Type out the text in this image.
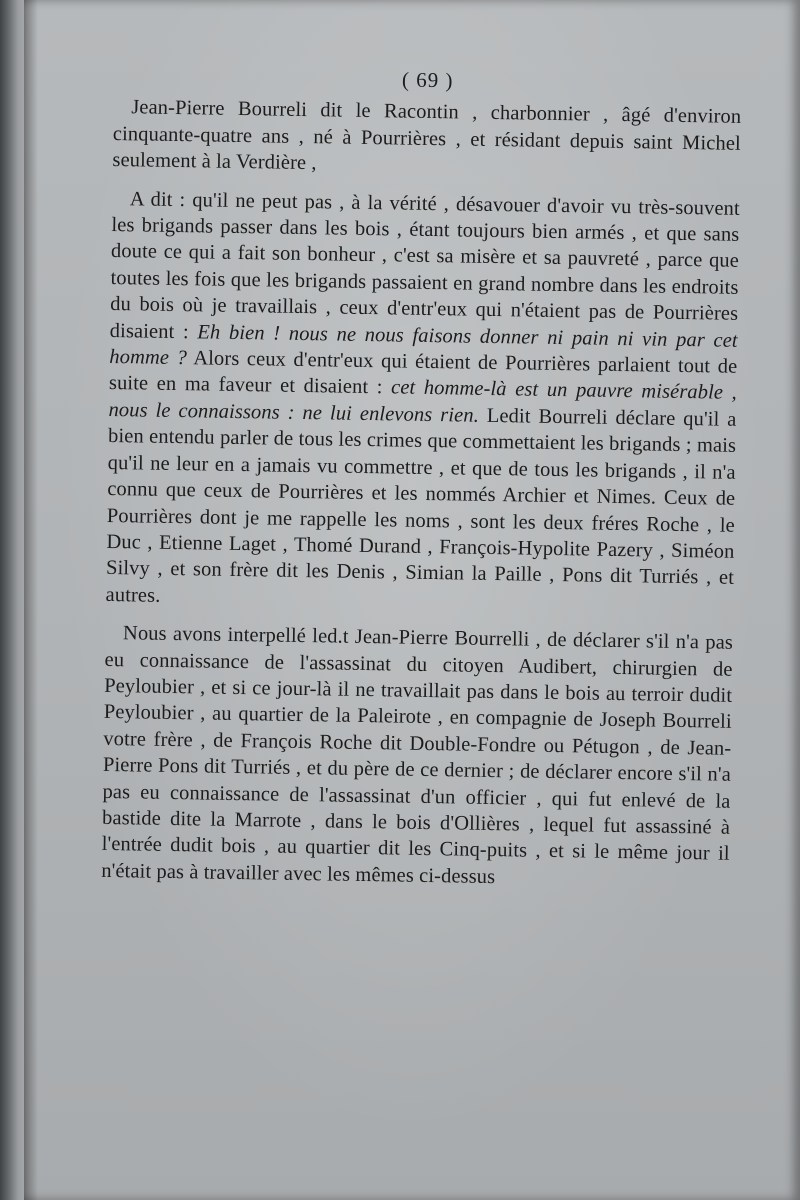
( 69 )

Jean-Pierre Bourreli dit le Racontin , charbonnier , âgé d'environ cinquante-quatre ans , né à Pourrières , et résidant depuis saint Michel seulement à la Verdière ,

A dit : qu'il ne peut pas , à la vérité , désavouer d'avoir vu très-souvent les brigands passer dans les bois , étant toujours bien armés , et que sans doute ce qui a fait son bonheur , c'est sa misère et sa pauvreté , parce que toutes les fois que les brigands passaient en grand nombre dans les endroits du bois où je travaillais , ceux d'entr'eux qui n'étaient pas de Pourrières disaient : Eh bien ! nous ne nous faisons donner ni pain ni vin par cet homme ? Alors ceux d'entr'eux qui étaient de Pourrières parlaient tout de suite en ma faveur et disaient : cet homme-là est un pauvre misérable , nous le connaissons : ne lui enlevons rien. Ledit Bourreli déclare qu'il a bien entendu parler de tous les crimes que commettaient les brigands ; mais qu'il ne leur en a jamais vu commettre , et que de tous les brigands , il n'a connu que ceux de Pourrières et les nommés Archier et Nimes. Ceux de Pourrières dont je me rappelle les noms , sont les deux fréres Roche , le Duc , Etienne Laget , Thomé Durand , François-Hypolite Pazery , Siméon Silvy , et son frère dit les Denis , Simian la Paille , Pons dit Turriés , et autres.

Nous avons interpellé led.t Jean-Pierre Bourrelli , de déclarer s'il n'a pas eu connaissance de l'assassinat du citoyen Audibert, chirurgien de Peyloubier , et si ce jour-là il ne travaillait pas dans le bois au terroir dudit Peyloubier , au quartier de la Paleirote , en compagnie de Joseph Bourreli votre frère , de François Roche dit Double-Fondre ou Pétugon , de Jean-Pierre Pons dit Turriés , et du père de ce dernier ; de déclarer encore s'il n'a pas eu connaissance de l'assassinat d'un officier , qui fut enlevé de la bastide dite la Marrote , dans le bois d'Ollières , lequel fut assassiné à l'entrée dudit bois , au quartier dit les Cinq-puits , et si le même jour il n'était pas à travailler avec les mêmes ci-dessus
